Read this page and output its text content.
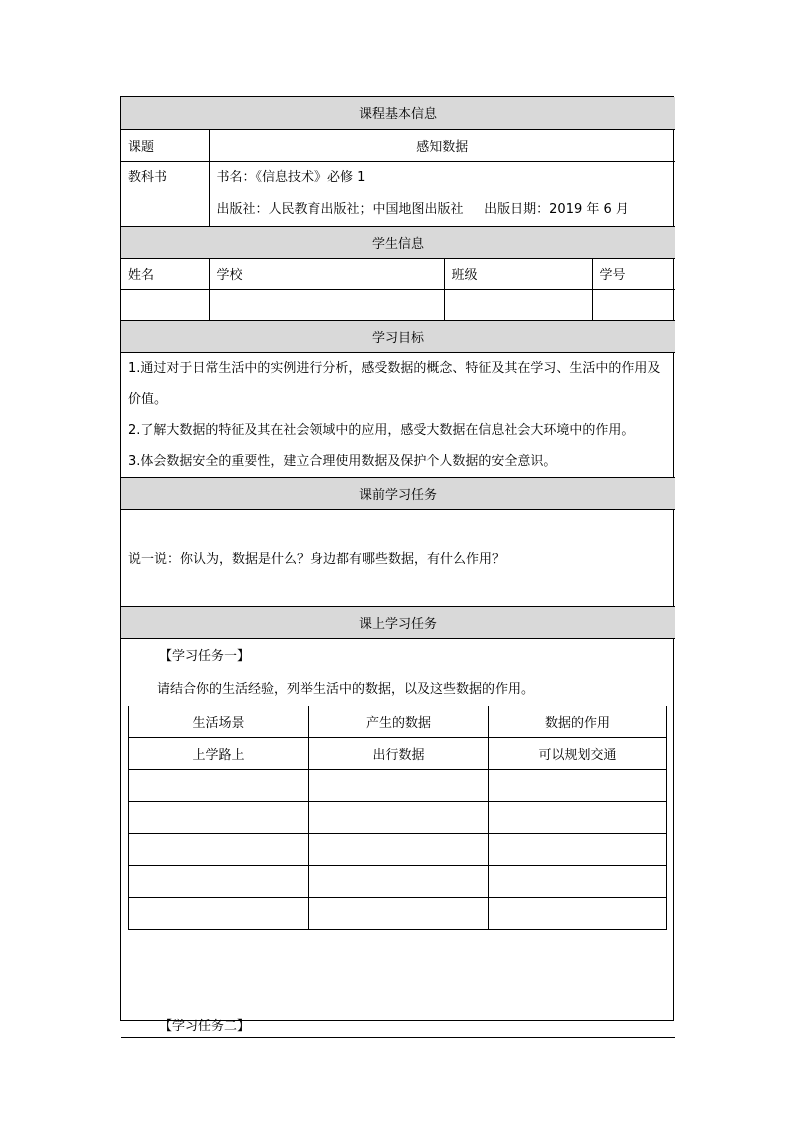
课程基本信息
课题	感知数据

教科书	书名：《信息技术》必修 1
出版社：人民教育出版社；中国地图出版社     出版日期：2019 年 6 月

学生信息
姓名	学校	班级	学号

学习目标

1.通过对于日常生活中的实例进行分析，感受数据的概念、特征及其在学习、生活中的作用及价值。
2.了解大数据的特征及其在社会领域中的应用，感受大数据在信息社会大环境中的作用。
3.体会数据安全的重要性，建立合理使用数据及保护个人数据的安全意识。

课前学习任务
说一说：你认为，数据是什么？身边都有哪些数据，有什么作用？
课上学习任务

【学习任务一】
请结合你的生活经验，列举生活中的数据，以及这些数据的作用。
生活场景	产生的数据	数据的作用
上学路上	出行数据	可以规划交通

【学习任务二】
